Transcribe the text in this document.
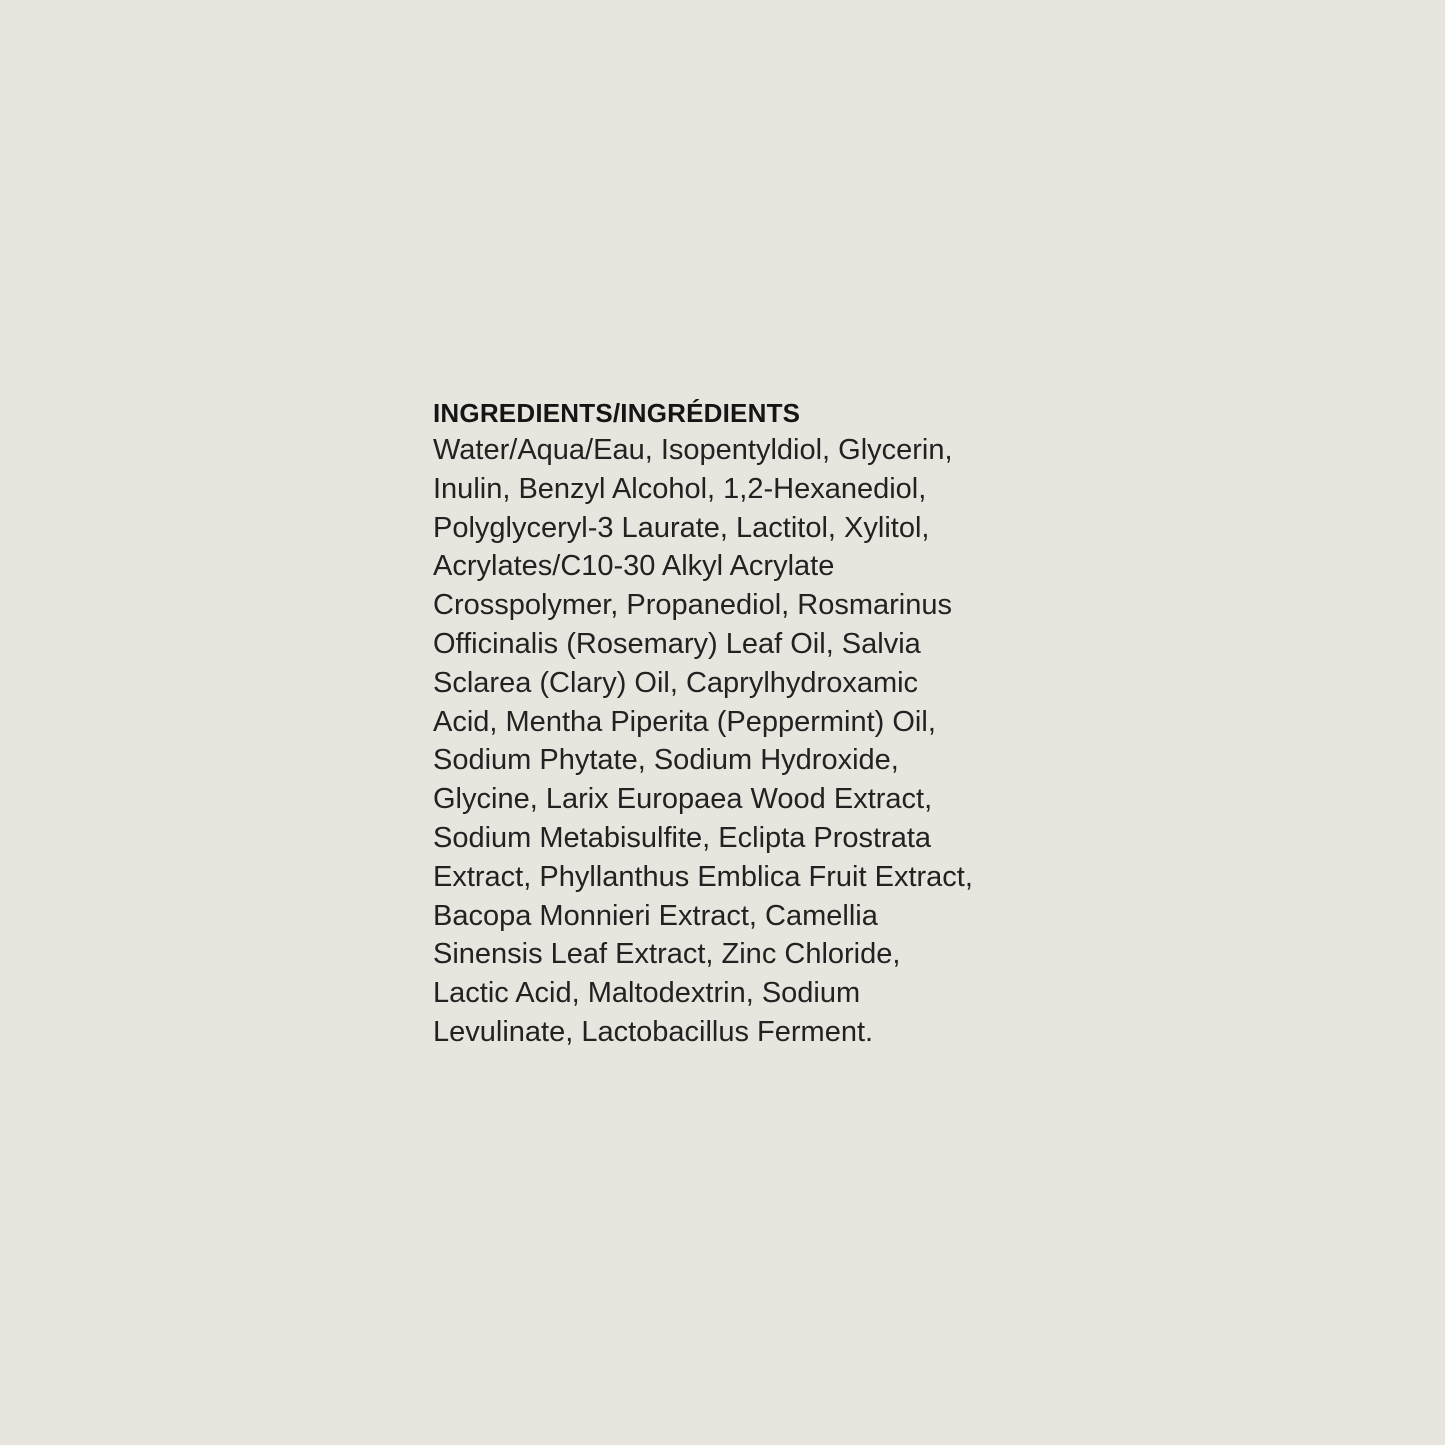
INGREDIENTS/INGRÉDIENTS
Water/Aqua/Eau, Isopentyldiol, Glycerin,
Inulin, Benzyl Alcohol, 1,2-Hexanediol,
Polyglyceryl-3 Laurate, Lactitol, Xylitol,
Acrylates/C10-30 Alkyl Acrylate
Crosspolymer, Propanediol, Rosmarinus
Officinalis (Rosemary) Leaf Oil, Salvia
Sclarea (Clary) Oil, Caprylhydroxamic
Acid, Mentha Piperita (Peppermint) Oil,
Sodium Phytate, Sodium Hydroxide,
Glycine, Larix Europaea Wood Extract,
Sodium Metabisulfite, Eclipta Prostrata
Extract, Phyllanthus Emblica Fruit Extract,
Bacopa Monnieri Extract, Camellia
Sinensis Leaf Extract, Zinc Chloride,
Lactic Acid, Maltodextrin, Sodium
Levulinate, Lactobacillus Ferment.
